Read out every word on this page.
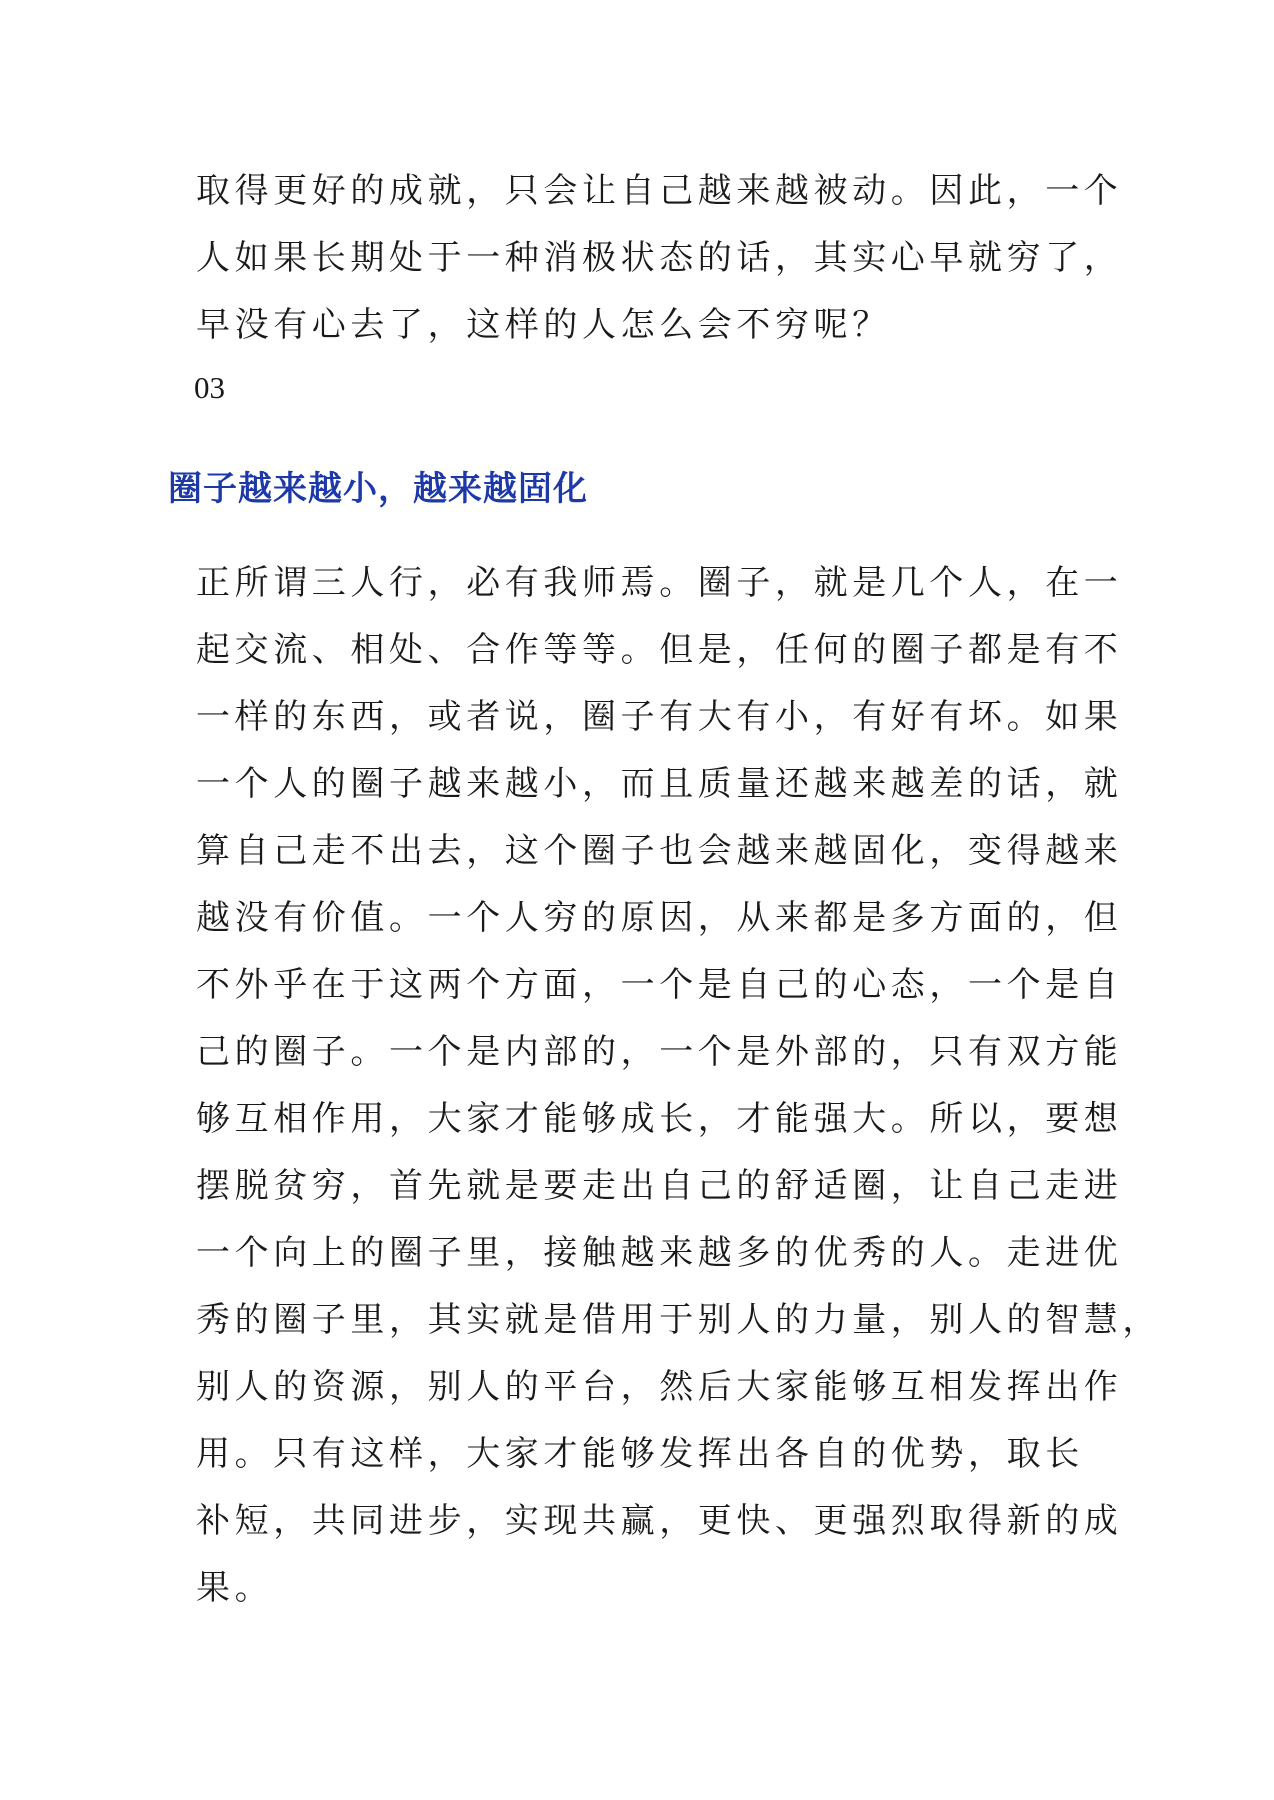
取得更好的成就，只会让自己越来越被动。因此，一个
人如果长期处于一种消极状态的话，其实心早就穷了，
早没有心去了，这样的人怎么会不穷呢？

03

圈子越来越小，越来越固化
正所谓三人行，必有我师焉。圈子，就是几个人，在一
起交流、相处、合作等等。但是，任何的圈子都是有不
一样的东西，或者说，圈子有大有小，有好有坏。如果
一个人的圈子越来越小，而且质量还越来越差的话，就
算自己走不出去，这个圈子也会越来越固化，变得越来
越没有价值。一个人穷的原因，从来都是多方面的，但
不外乎在于这两个方面，一个是自己的心态，一个是自
己的圈子。一个是内部的，一个是外部的，只有双方能
够互相作用，大家才能够成长，才能强大。所以，要想
摆脱贫穷，首先就是要走出自己的舒适圈，让自己走进
一个向上的圈子里，接触越来越多的优秀的人。走进优
秀的圈子里，其实就是借用于别人的力量，别人的智慧，
别人的资源，别人的平台，然后大家能够互相发挥出作
用。只有这样，大家才能够发挥出各自的优势，取长
补短，共同进步，实现共赢，更快、更强烈取得新的成
果。
